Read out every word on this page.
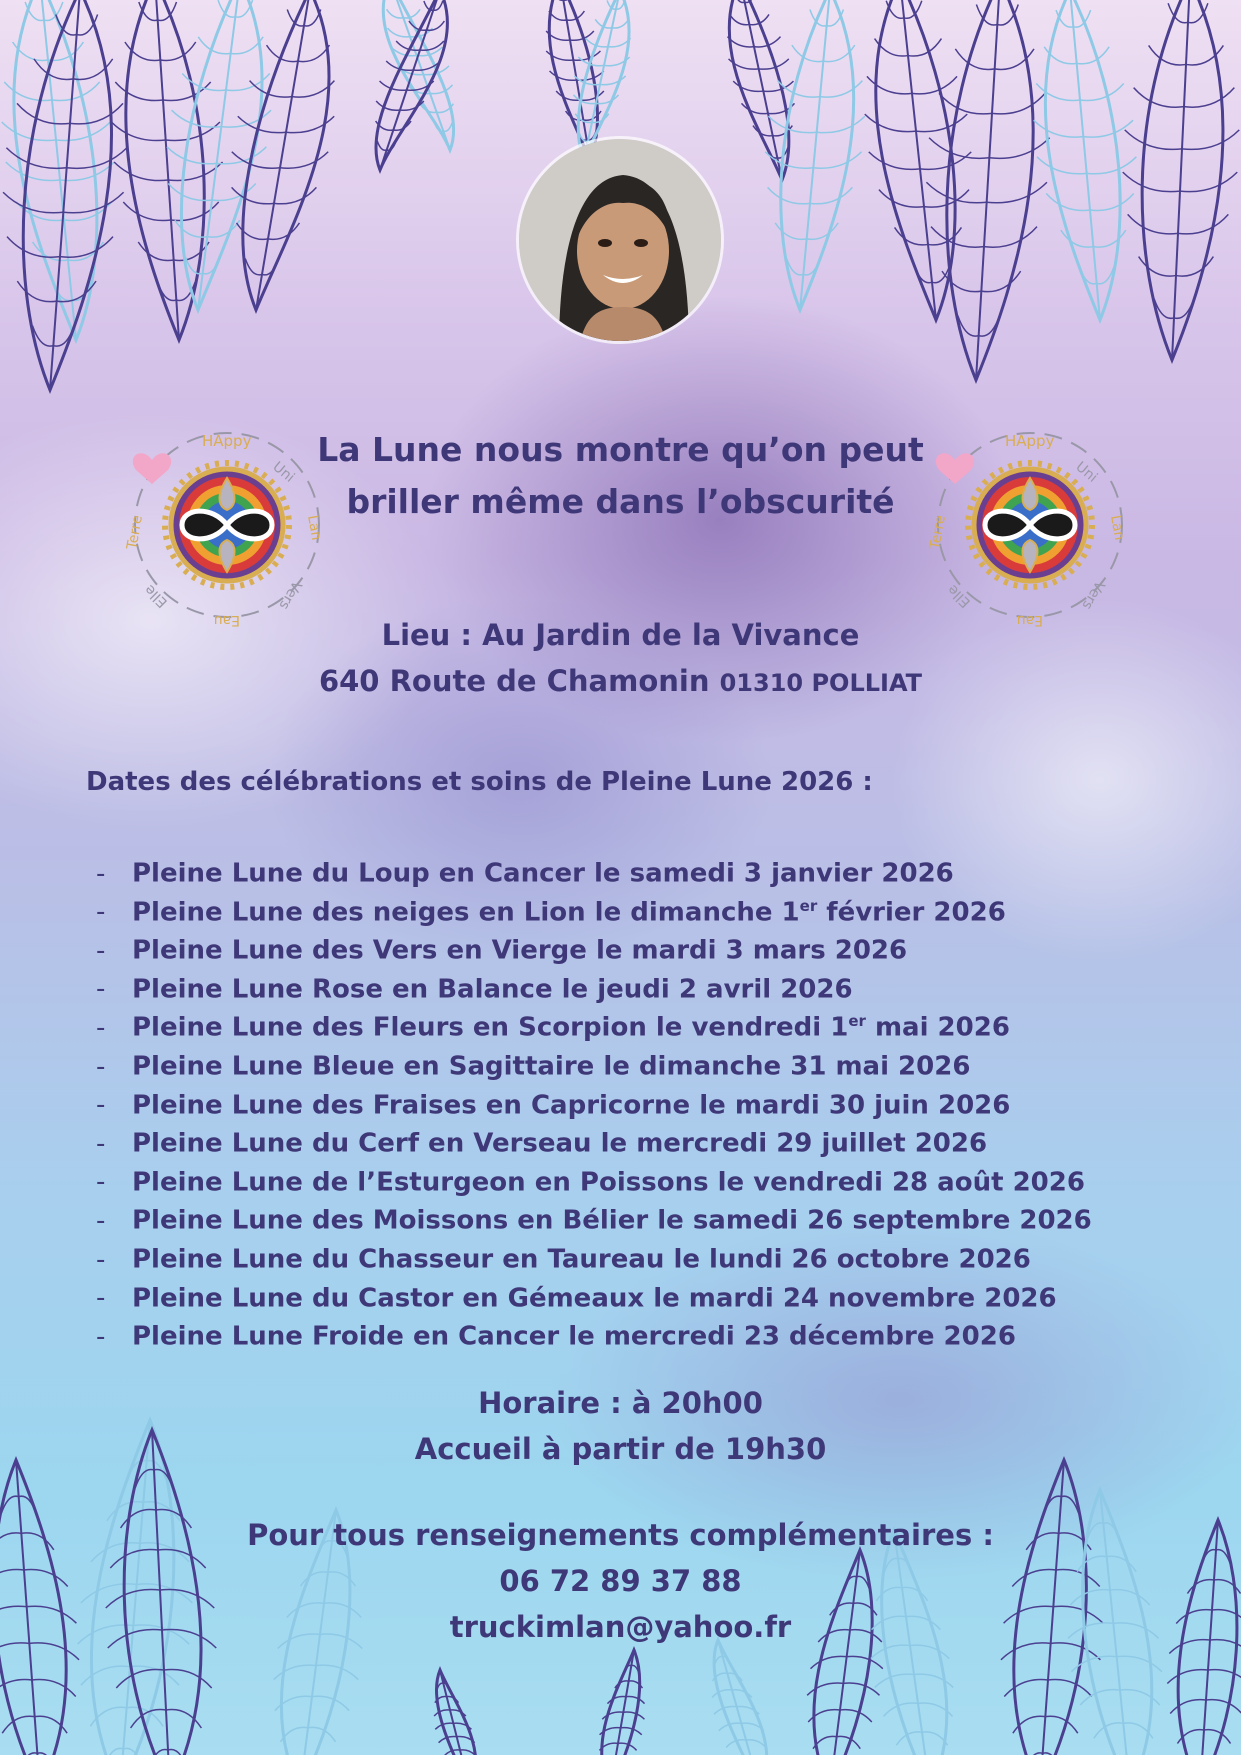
HAppy
Uni
Lan
Vers
Eau
Elle
Terre
HAppy
Uni
Lan
Vers
Eau
Elle
Terre
La Lune nous montre qu’on peut
briller même dans l’obscurité
Lieu : Au Jardin de la Vivance
640 Route de Chamonin 01310 POLLIAT
Dates des célébrations et soins de Pleine Lune 2026 :
- Pleine Lune du Loup en Cancer le samedi 3 janvier 2026
- Pleine Lune des neiges en Lion le dimanche 1er février 2026
- Pleine Lune des Vers en Vierge le mardi 3 mars 2026
- Pleine Lune Rose en Balance le jeudi 2 avril 2026
- Pleine Lune des Fleurs en Scorpion le vendredi 1er mai 2026
- Pleine Lune Bleue en Sagittaire le dimanche 31 mai 2026
- Pleine Lune des Fraises en Capricorne le mardi 30 juin 2026
- Pleine Lune du Cerf en Verseau le mercredi 29 juillet 2026
- Pleine Lune de l’Esturgeon en Poissons le vendredi 28 août 2026
- Pleine Lune des Moissons en Bélier le samedi 26 septembre 2026
- Pleine Lune du Chasseur en Taureau le lundi 26 octobre 2026
- Pleine Lune du Castor en Gémeaux le mardi 24 novembre 2026
- Pleine Lune Froide en Cancer le mercredi 23 décembre 2026
Horaire : à 20h00
Accueil à partir de 19h30
Pour tous renseignements complémentaires :
06 72 89 37 88
truckimlan@yahoo.fr
